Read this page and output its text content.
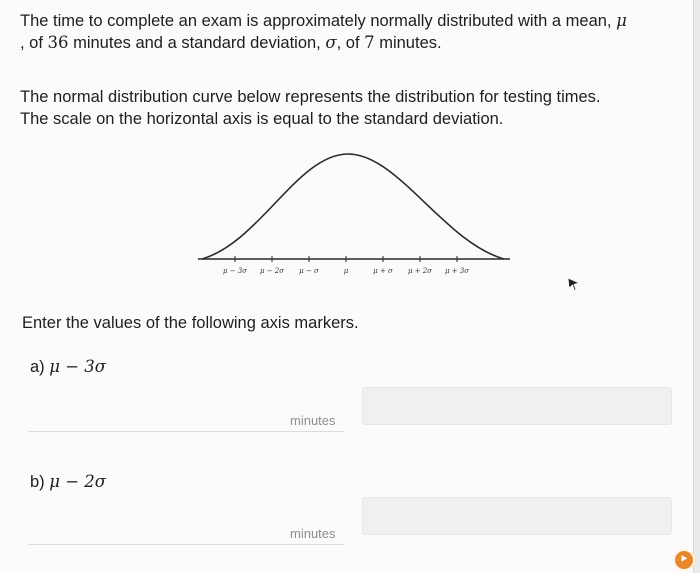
The time to complete an exam is approximately normally distributed with a mean, μ
, of 36 minutes and a standard deviation, σ, of 7 minutes.

The normal distribution curve below represents the distribution for testing times.
The scale on the horizontal axis is equal to the standard deviation.

μ − 3σ μ − 2σ μ − σ	μ	μ + σ μ + 2σ μ + 3σ
Enter the values of the following axis markers.
a) μ − 3σ
minutes
b) μ − 2σ
minutes
